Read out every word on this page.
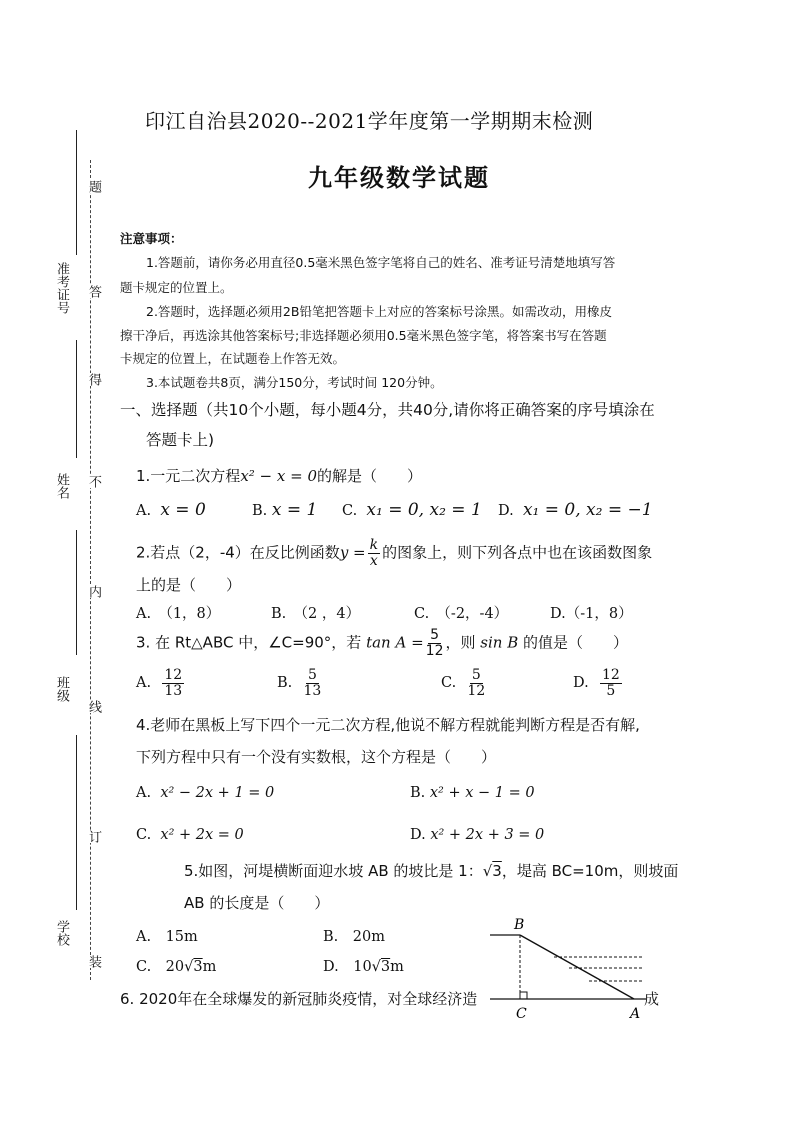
准考证号
姓名
班级
学校
题
答
得
不
内
线
订
装
印江自治县2020--2021学年度第一学期期末检测
九年级数学试题
注意事项：
1.答题前，请你务必用直径0.5毫米黑色签字笔将自己的姓名、准考证号清楚地填写答
题卡规定的位置上。
2.答题时，选择题必须用2B铅笔把答题卡上对应的答案标号涂黑。如需改动，用橡皮
擦干净后，再选涂其他答案标号;非选择题必须用0.5毫米黑色签字笔，将答案书写在答题
卡规定的位置上，在试题卷上作答无效。
3.本试题卷共8页，满分150分，考试时间 120分钟。
一、选择题（共10个小题，每小题4分，共40分,请你将正确答案的序号填涂在
答题卡上)
1.一元二次方程x² − x = 0的解是（　　）
A. x = 0	B. x = 1 C. x₁ = 0, x₂ = 1 D. x₁ = 0, x₂ = −1
2.若点（2，-4）在反比例函数$y = \frac{k}{x}$ 的图象上，则下列各点中也在该函数图象
上的是（　　）
A.　（1，8）	B.　（2 ，4）	C.　（-2，-4）	D.（-1，8）
3. 在 Rt△ABC 中，∠C=90°，若 $\tan A = \frac{5}{12}$ ，则 sin B 的值是（　　）
A. $\frac{12}{13}$	B. $\frac{5}{13}$	C. $\frac{5}{12}$	D. $\frac{12}{5}$
4.老师在黑板上写下四个一元二次方程,他说不解方程就能判断方程是否有解,
下列方程中只有一个没有实数根，这个方程是（　　）
A. x² − 2x + 1 = 0	B. x² + x − 1 = 0
C. x² + 2x = 0	D. x² + 2x + 3 = 0
5.如图，河堤横断面迎水坡 AB 的坡比是 1：√3，堤高 BC=10m，则坡面
AB 的长度是（　　）
A.　15m	B.　20m
C.　20√3m	D.　10√3m
B
C	A
6. 2020年在全球爆发的新冠肺炎疫情，对全球经济造	成
